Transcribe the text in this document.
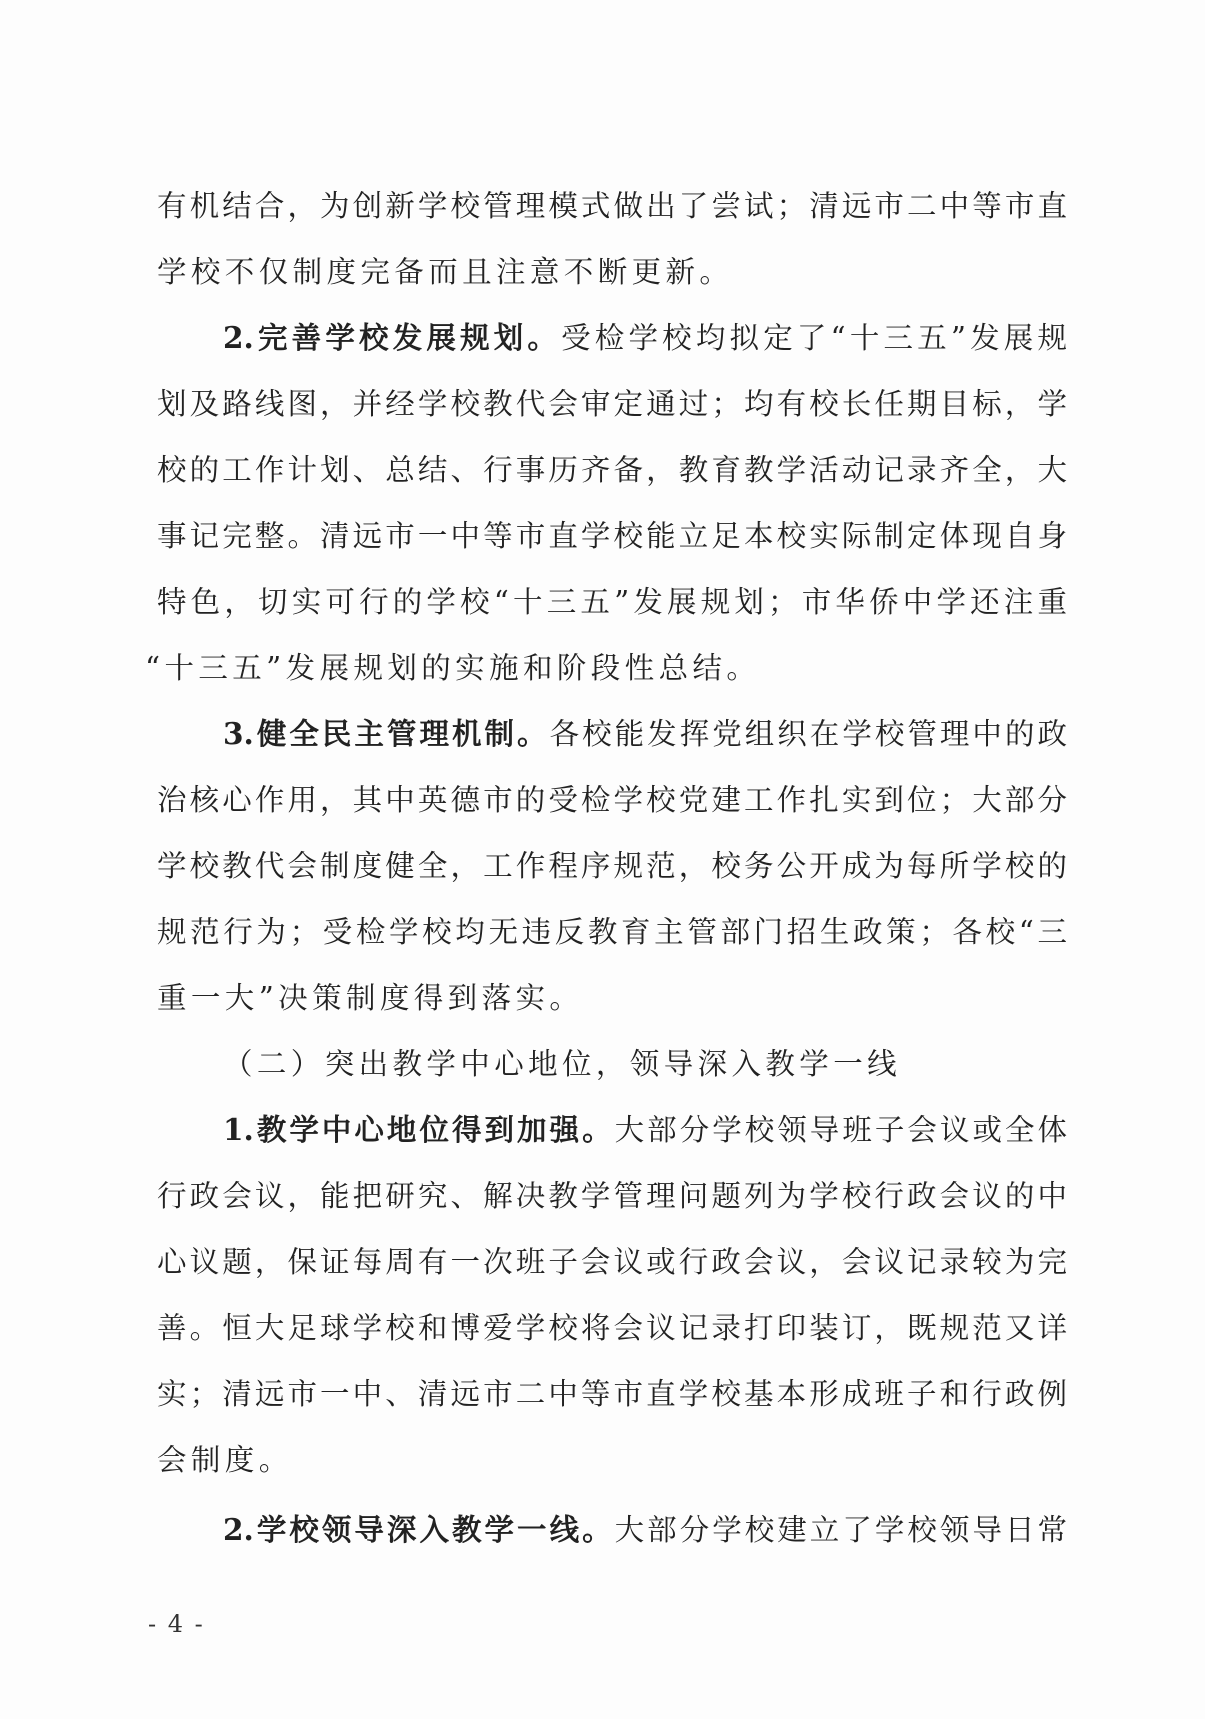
有机结合，为创新学校管理模式做出了尝试；清远市二中等市直
学校不仅制度完备而且注意不断更新。
2.完善学校发展规划。受检学校均拟定了“十三五”发展规
划及路线图，并经学校教代会审定通过；均有校长任期目标，学
校的工作计划、总结、行事历齐备，教育教学活动记录齐全，大
事记完整。清远市一中等市直学校能立足本校实际制定体现自身
特色，切实可行的学校“十三五”发展规划；市华侨中学还注重
“十三五”发展规划的实施和阶段性总结。
3.健全民主管理机制。各校能发挥党组织在学校管理中的政
治核心作用，其中英德市的受检学校党建工作扎实到位；大部分
学校教代会制度健全，工作程序规范，校务公开成为每所学校的
规范行为；受检学校均无违反教育主管部门招生政策；各校“三
重一大”决策制度得到落实。
（二）突出教学中心地位，领导深入教学一线
1.教学中心地位得到加强。大部分学校领导班子会议或全体
行政会议，能把研究、解决教学管理问题列为学校行政会议的中
心议题，保证每周有一次班子会议或行政会议，会议记录较为完
善。恒大足球学校和博爱学校将会议记录打印装订，既规范又详
实；清远市一中、清远市二中等市直学校基本形成班子和行政例
会制度。
2.学校领导深入教学一线。大部分学校建立了学校领导日常
- 4 -
